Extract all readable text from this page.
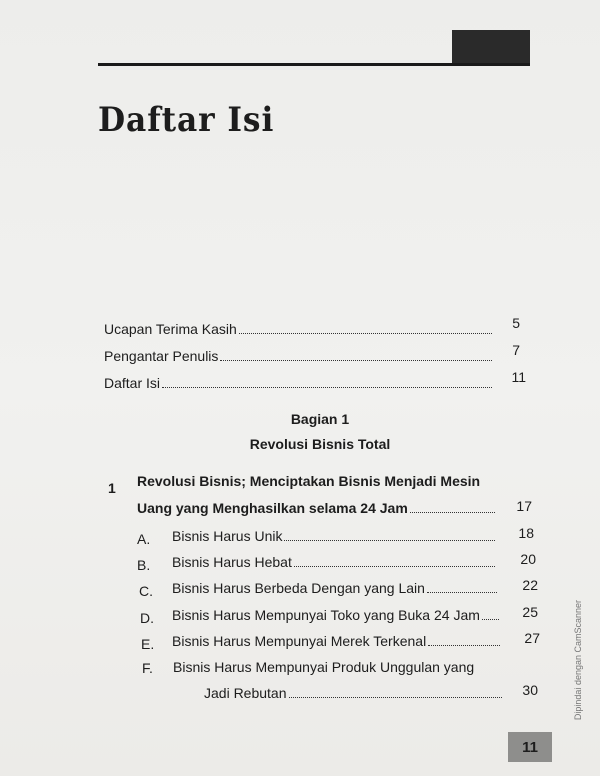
Daftar Isi
Ucapan Terima Kasih	5
Pengantar Penulis	7
Daftar Isi	11
Bagian 1
Revolusi Bisnis Total
1 Revolusi Bisnis; Menciptakan Bisnis Menjadi Mesin
Uang yang Menghasilkan selama 24 Jam	17
A. Bisnis Harus Unik	18
B. Bisnis Harus Hebat	20
C. Bisnis Harus Berbeda Dengan yang Lain	22
D. Bisnis Harus Mempunyai Toko yang Buka 24 Jam	25
E. Bisnis Harus Mempunyai Merek Terkenal	27
F. Bisnis Harus Mempunyai Produk Unggulan yang
Jadi Rebutan	30
11
Dipindai dengan CamScanner
